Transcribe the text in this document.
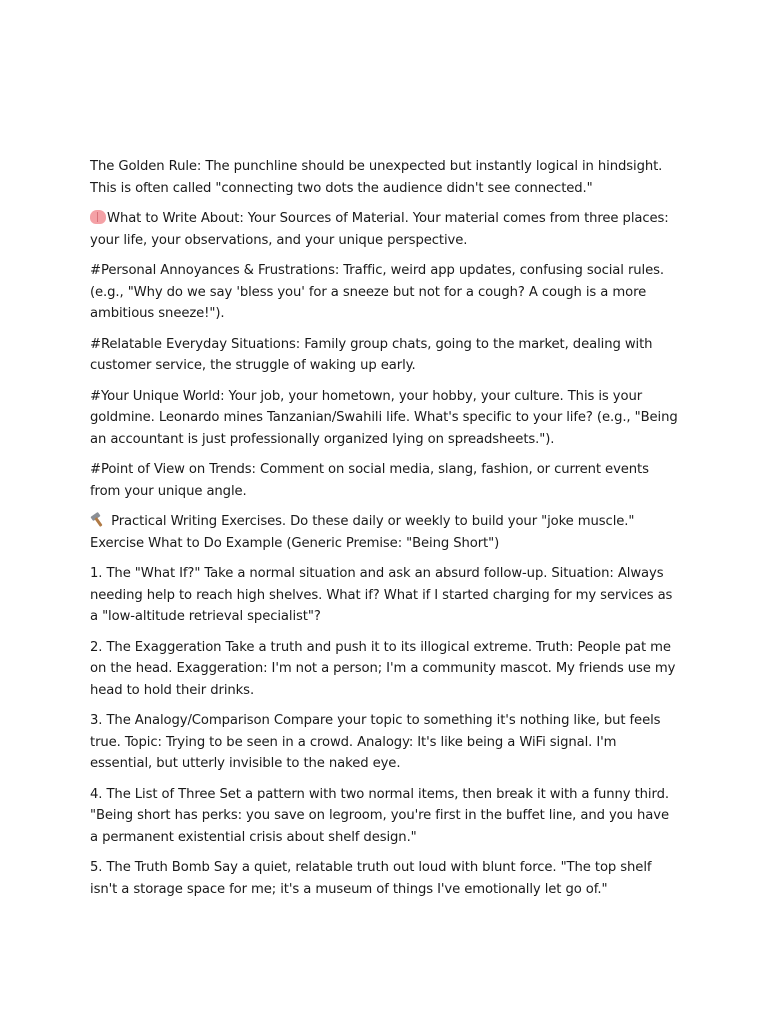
The Golden Rule: The punchline should be unexpected but instantly logical in hindsight. This is often called "connecting two dots the audience didn't see connected."

What to Write About: Your Sources of Material. Your material comes from three places: your life, your observations, and your unique perspective.

#Personal Annoyances & Frustrations: Traffic, weird app updates, confusing social rules. (e.g., "Why do we say 'bless you' for a sneeze but not for a cough? A cough is a more ambitious sneeze!").

#Relatable Everyday Situations: Family group chats, going to the market, dealing with customer service, the struggle of waking up early.

#Your Unique World: Your job, your hometown, your hobby, your culture. This is your goldmine. Leonardo mines Tanzanian/Swahili life. What's specific to your life? (e.g., "Being an accountant is just professionally organized lying on spreadsheets.").

#Point of View on Trends: Comment on social media, slang, fashion, or current events from your unique angle.

Practical Writing Exercises. Do these daily or weekly to build your "joke muscle." Exercise What to Do Example (Generic Premise: "Being Short")

1. The "What If?" Take a normal situation and ask an absurd follow-up. Situation: Always needing help to reach high shelves. What if? What if I started charging for my services as a "low-altitude retrieval specialist"?

2. The Exaggeration Take a truth and push it to its illogical extreme. Truth: People pat me on the head. Exaggeration: I'm not a person; I'm a community mascot. My friends use my head to hold their drinks.

3. The Analogy/Comparison Compare your topic to something it's nothing like, but feels true. Topic: Trying to be seen in a crowd. Analogy: It's like being a WiFi signal. I'm essential, but utterly invisible to the naked eye.

4. The List of Three Set a pattern with two normal items, then break it with a funny third. "Being short has perks: you save on legroom, you're first in the buffet line, and you have a permanent existential crisis about shelf design."

5. The Truth Bomb Say a quiet, relatable truth out loud with blunt force. "The top shelf isn't a storage space for me; it's a museum of things I've emotionally let go of."
